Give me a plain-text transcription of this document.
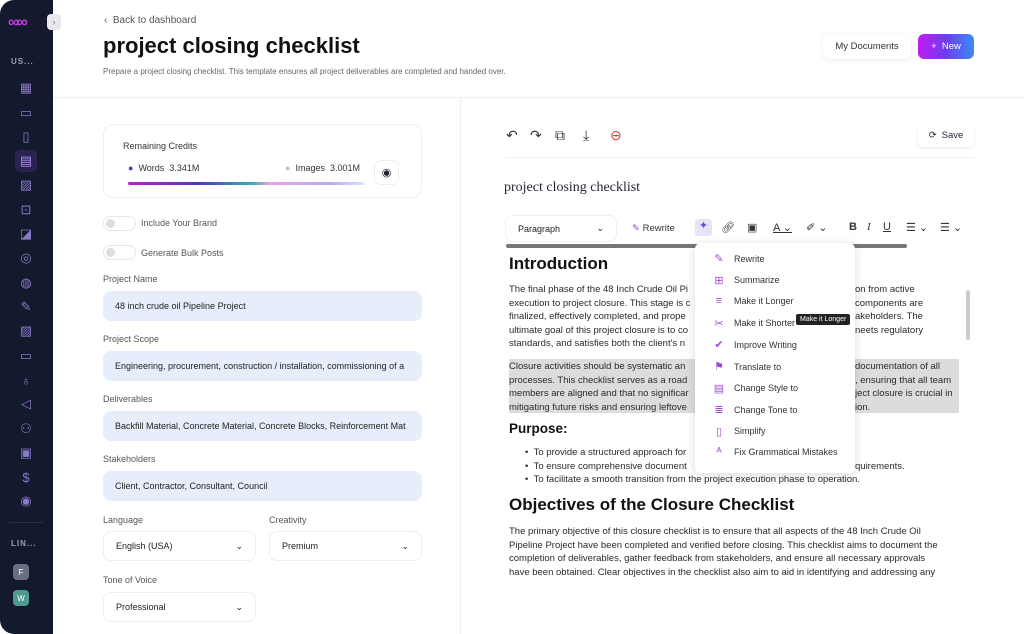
∞∞
US...
▦
▭
▯
▤
▨
⊡
◪
◎
◍
✎
▨
▭
♁
◁
⚇
▣
$
◉
LIN...
F
W
›	‹  Back to dashboard
project closing checklist
Prepare a project closing checklist. This template ensures all project deliverables are completed and handed over.
My Documents	+ New
Remaining Credits
● Words 3.341M	● Images 3.001M ◉
Include Your Brand
Generate Bulk Posts
Project Name
48 inch crude oil Pipeline Project
Project Scope
Engineering, procurement, construction / installation, commissioning of a
Deliverables
Backfill Material, Concrete Material, Concrete Blocks, Reinforcement Mat
Stakeholders
Client, Contractor, Consultant, Council
Language
English (USA)	⌄
Creativity
Premium	⌄
Tone of Voice
Professional	⌄
↶ ↷ ⧉ ⤓ ⊖	⟳ Save
project closing checklist
Paragraph	⌄	✎ Rewrite	✦	🔗︎ ▣ A ⌄ ✐ ⌄ B I U ☰ ⌄ ☰ ⌄
Introduction
The final phase of the 48 Inch Crude Oil Pi	on from active
execution to project closure. This stage is c	components are
finalized, effectively completed, and prope	akeholders. The
ultimate goal of this project closure is to co	neets regulatory
standards, and satisfies both the client's n
Closure activities should be systematic an	documentation of all
processes. This checklist serves as a road	, ensuring that all team
members are aligned and that no significar	ject closure is crucial in
mitigating future risks and ensuring leftove	ion.
Purpose:
•  To provide a structured approach for
•  To ensure comprehensive document	quirements.
•  To facilitate a smooth transition from the project execution phase to operation.
Objectives of the Closure Checklist
The primary objective of this closure checklist is to ensure that all aspects of the 48 Inch Crude Oil
Pipeline Project have been completed and verified before closing. This checklist aims to document the
completion of deliverables, gather feedback from stakeholders, and ensure all necessary approvals
have been obtained. Clear objectives in the checklist also aim to aid in identifying and addressing any
✎ Rewrite
⊞ Summarize
≡	Make it Longer
✂ Make it Shorter
✔ Improve Writing
⚑ Translate to
▤ Change Style to
≣ Change Tone to
▯	Simplify
ᴬ	Fix Grammatical Mistakes
Make it Longer
